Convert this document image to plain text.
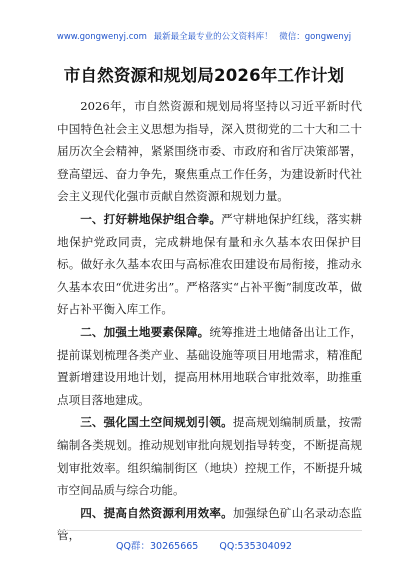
www.gongwenyj.com 最新最全最专业的公文资料库！ 微信：gongwenyj
市自然资源和规划局2026年工作计划

2026年，市自然资源和规划局将坚持以习近平新时代中国特色社会主义思想为指导，深入贯彻党的二十大和二十届历次全会精神，紧紧围绕市委、市政府和省厅决策部署，登高望远、奋力争先，聚焦重点工作任务，为建设新时代社会主义现代化强市贡献自然资源和规划力量。

一、打好耕地保护组合拳。严守耕地保护红线，落实耕地保护党政同责，完成耕地保有量和永久基本农田保护目标。做好永久基本农田与高标准农田建设布局衔接，推动永久基本农田“优进劣出”。严格落实“占补平衡”制度改革，做好占补平衡入库工作。

二、加强土地要素保障。统筹推进土地储备出让工作，提前谋划梳理各类产业、基础设施等项目用地需求，精准配置新增建设用地计划，提高用林用地联合审批效率，助推重点项目落地建成。

三、强化国土空间规划引领。提高规划编制质量，按需编制各类规划。推动规划审批向规划指导转变，不断提高规划审批效率。组织编制街区（地块）控规工作，不断提升城市空间品质与综合功能。

四、提高自然资源利用效率。加强绿色矿山名录动态监管，

QQ群：30265665 QQ:535304092
